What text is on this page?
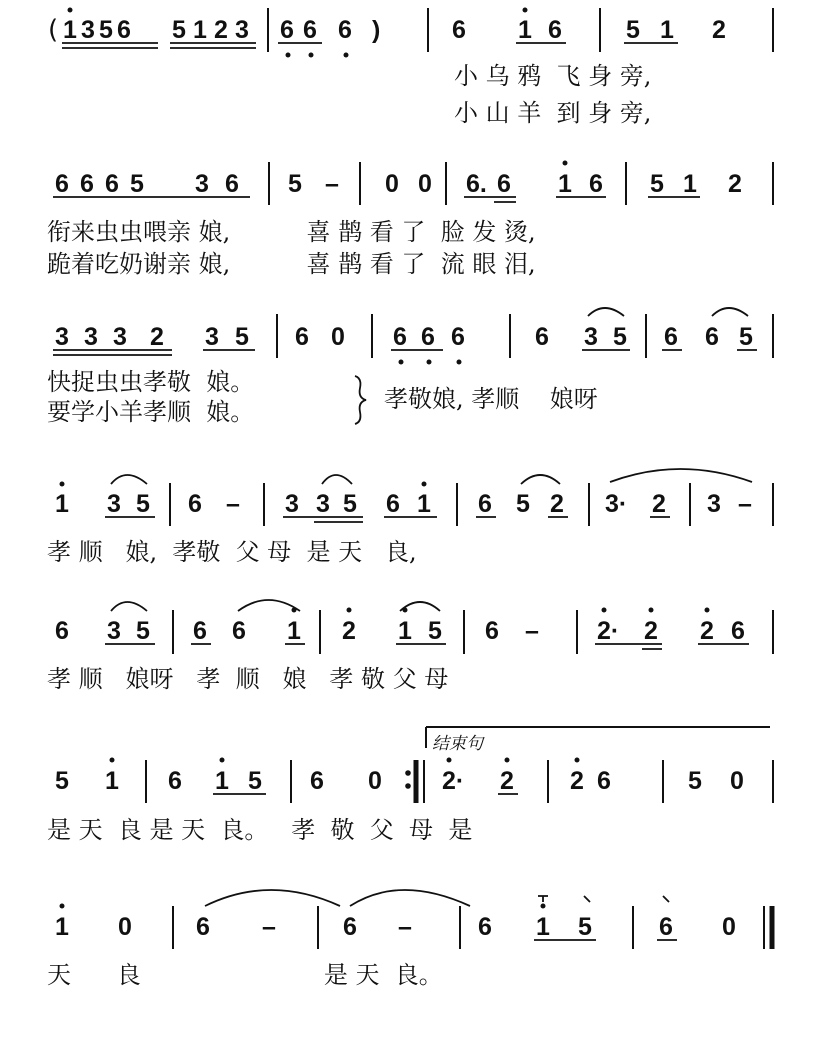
( 1 3 5 6 5 1 2 3 6 6 6 )	6 1 6	5 1 2
小 乌 鸦  飞 身 旁,
小 山 羊  到 身 旁,
6 6 6 5 3 6 5 – 0 0 6. 6 1 6 5 1 2
衔来虫虫喂亲 娘,          喜 鹊 看 了  脸 发 烫,
跪着吃奶谢亲 娘,          喜 鹊 看 了  流 眼 泪,
3 3 3 2 3 5 6 0 6 6 6	6 3 5 6 6 5
快捉虫虫孝敬  娘。
要学小羊孝顺  娘。	孝敬娘, 孝顺    娘呀
1 3 5 6 – 3 3 5 6 1 6 5 2 3· 2 3 –
孝 顺   娘,  孝敬  父 母  是 天   良,
6 3 5 6 6 1 2 1 5 6 – 2· 2 2 6
孝 顺   娘呀   孝  顺   娘   孝 敬 父 母
结束句
5 1 6 1 5 6 0 2· 2 2 6	5 0
是 天  良 是 天  良。   孝  敬  父  母  是
1 0	6 –	6 –	6 1 5	6 0
天      良                        是 天  良。
